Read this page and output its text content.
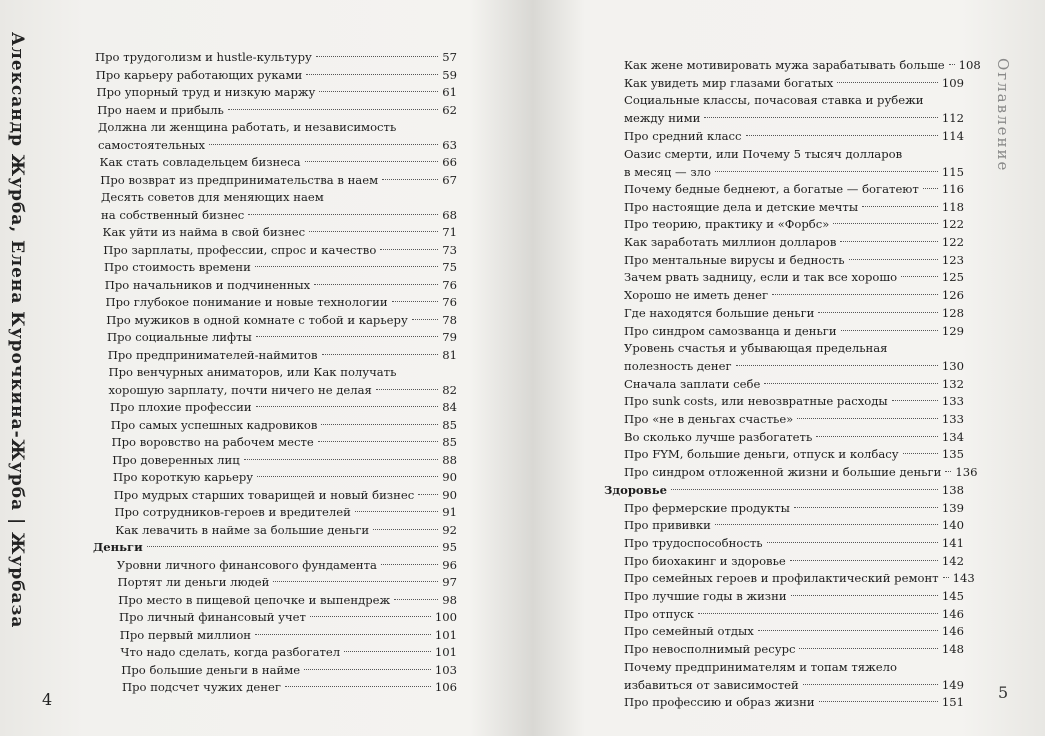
Александр Журба, Елена Курочкина-Журба | Журбаза	Оглавление
Про трудоголизм и hustle-культуру	57
Про карьеру работающих руками	59
Про упорный труд и низкую маржу	61
Про наем и прибыль	62
Должна ли женщина работать, и независимость
самостоятельных	63
Как стать совладельцем бизнеса	66
Про возврат из предпринимательства в наем	67
Десять советов для меняющих наем
на собственный бизнес	68
Как уйти из найма в свой бизнес	71
Про зарплаты, профессии, спрос и качество	73
Про стоимость времени	75
Про начальников и подчиненных	76
Про глубокое понимание и новые технологии	76
Про мужиков в одной комнате с тобой и карьеру	78
Про социальные лифты	79
Про предпринимателей-наймитов	81
Про венчурных аниматоров, или Как получать
хорошую зарплату, почти ничего не делая	82
Про плохие профессии	84
Про самых успешных кадровиков	85
Про воровство на рабочем месте	85
Про доверенных лиц	88
Про короткую карьеру	90
Про мудрых старших товарищей и новый бизнес 90
Про сотрудников-героев и вредителей	91
Как левачить в найме за большие деньги	92
Деньги	95
Уровни личного финансового фундамента	96
Портят ли деньги людей	97
Про место в пищевой цепочке и выпендреж	98
Про личный финансовый учет	100
Про первый миллион	101
Что надо сделать, когда разбогател	101
Про большие деньги в найме	103
Про подсчет чужих денег	106
Как жене мотивировать мужа зарабатывать больше 108
Как увидеть мир глазами богатых	109
Социальные классы, почасовая ставка и рубежи
между ними	112
Про средний класс	114
Оазис смерти, или Почему 5 тысяч долларов
в месяц — зло	115
Почему бедные беднеют, а богатые — богатеют 116
Про настоящие дела и детские мечты	118
Про теорию, практику и «Форбс»	122
Как заработать миллион долларов	122
Про ментальные вирусы и бедность	123
Зачем рвать задницу, если и так все хорошо	125
Хорошо не иметь денег	126
Где находятся большие деньги	128
Про синдром самозванца и деньги	129
Уровень счастья и убывающая предельная
полезность денег	130
Сначала заплати себе	132
Про sunk costs, или невозвратные расходы	133
Про «не в деньгах счастье»	133
Во сколько лучше разбогатеть	134
Про FYM, большие деньги, отпуск и колбасу	135
Про синдром отложенной жизни и большие деньги 136
Здоровье	138
Про фермерские продукты	139
Про прививки	140
Про трудоспособность	141
Про биохакинг и здоровье	142
Про семейных героев и профилактический ремонт 143
Про лучшие годы в жизни	145
Про отпуск	146
Про семейный отдых	146
Про невосполнимый ресурс	148
Почему предпринимателям и топам тяжело
избавиться от зависимостей	149
Про профессию и образ жизни	151
4	5
